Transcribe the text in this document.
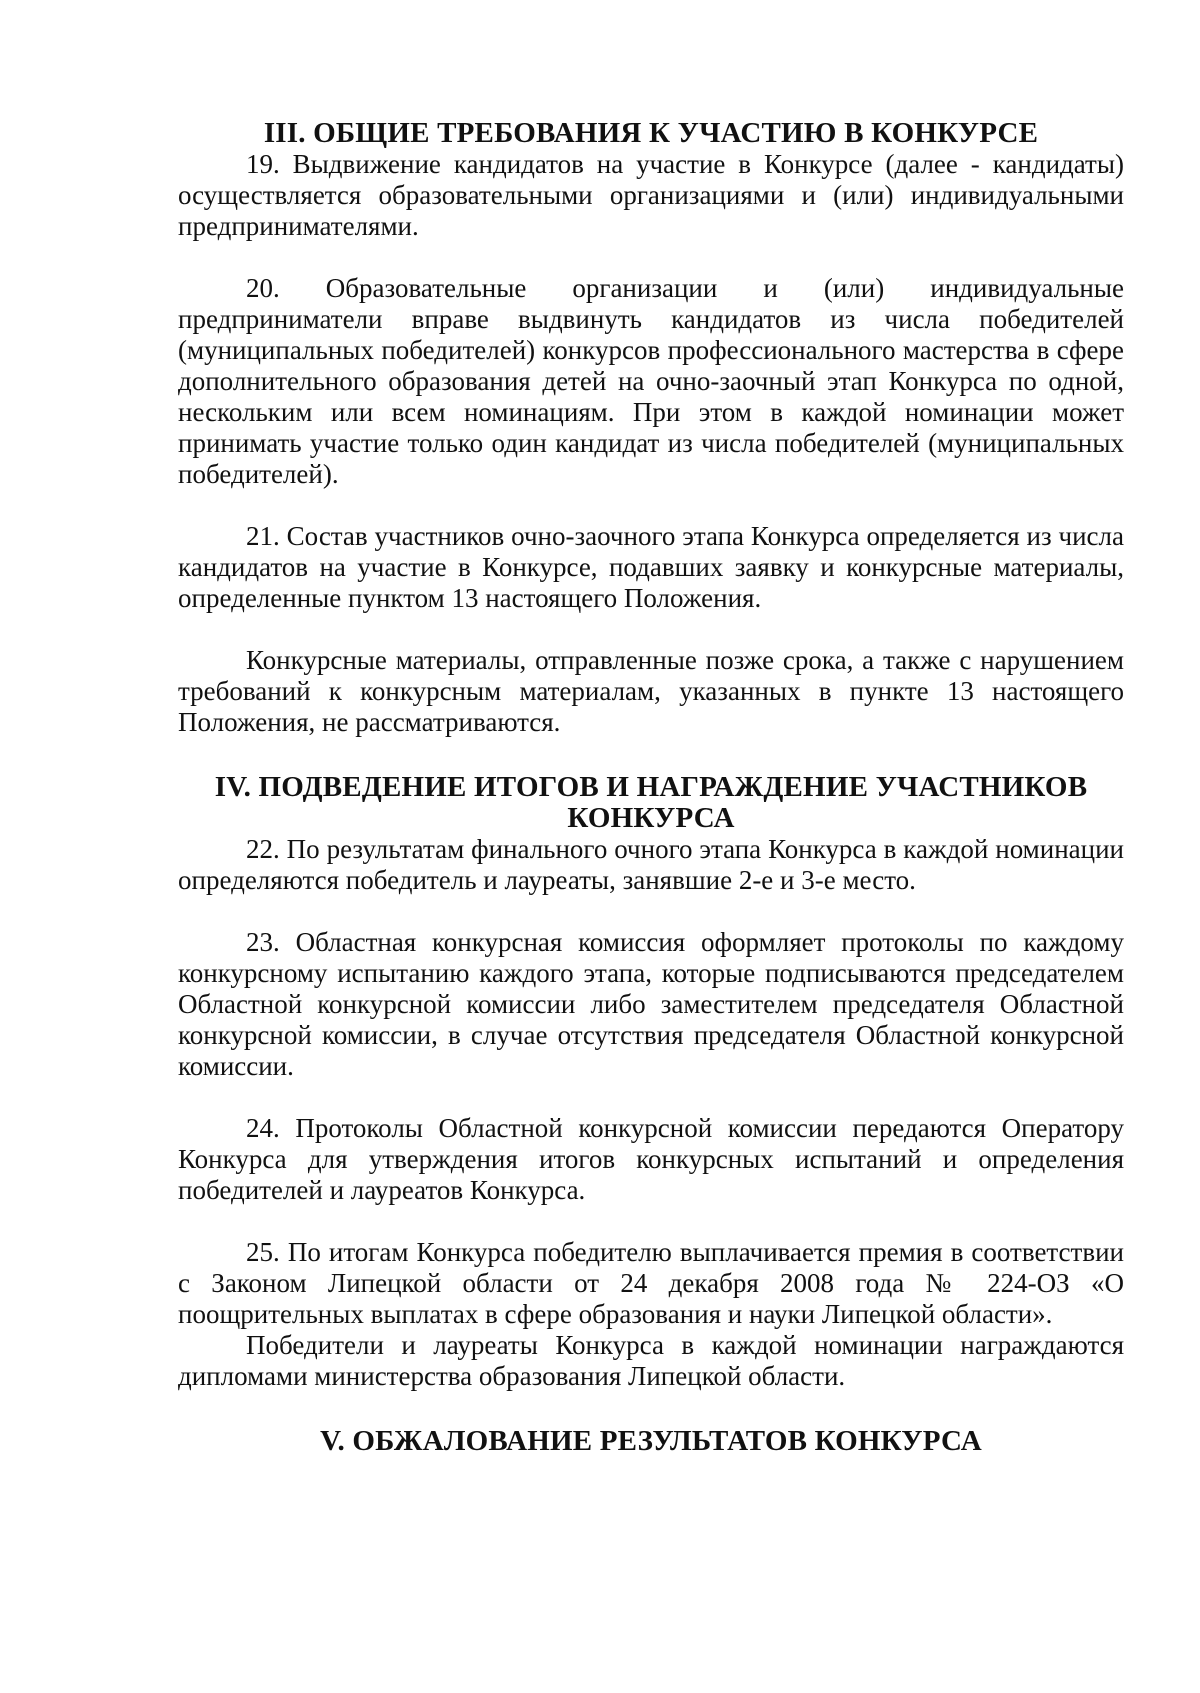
III. ОБЩИЕ ТРЕБОВАНИЯ К УЧАСТИЮ В КОНКУРСЕ

19. Выдвижение кандидатов на участие в Конкурсе (далее - кандидаты) осуществляется образовательными организациями и (или) индивидуальными предпринимателями.

20. Образовательные организации и (или) индивидуальные предприниматели вправе выдвинуть кандидатов из числа победителей (муниципальных победителей) конкурсов профессионального мастерства в сфере дополнительного образования детей на очно-заочный этап Конкурса по одной, нескольким или всем номинациям. При этом в каждой номинации может принимать участие только один кандидат из числа победителей (муниципальных победителей).

21. Состав участников очно-заочного этапа Конкурса определяется из числа кандидатов на участие в Конкурсе, подавших заявку и конкурсные материалы, определенные пунктом 13 настоящего Положения.

Конкурсные материалы, отправленные позже срока, а также с нарушением требований к конкурсным материалам, указанных в пункте 13 настоящего Положения, не рассматриваются.

IV. ПОДВЕДЕНИЕ ИТОГОВ И НАГРАЖДЕНИЕ УЧАСТНИКОВ
КОНКУРСА

22. По результатам финального очного этапа Конкурса в каждой номинации определяются победитель и лауреаты, занявшие 2-е и 3-е место.

23. Областная конкурсная комиссия оформляет протоколы по каждому конкурсному испытанию каждого этапа, которые подписываются председателем Областной конкурсной комиссии либо заместителем председателя Областной конкурсной комиссии, в случае отсутствия председателя Областной конкурсной комиссии.

24. Протоколы Областной конкурсной комиссии передаются Оператору Конкурса для утверждения итогов конкурсных испытаний и определения победителей и лауреатов Конкурса.

25. По итогам Конкурса победителю выплачивается премия в соответствии с Законом Липецкой области от 24 декабря 2008 года № 224-ОЗ «О поощрительных выплатах в сфере образования и науки Липецкой области».

Победители и лауреаты Конкурса в каждой номинации награждаются дипломами министерства образования Липецкой области.

V. ОБЖАЛОВАНИЕ РЕЗУЛЬТАТОВ КОНКУРСА
